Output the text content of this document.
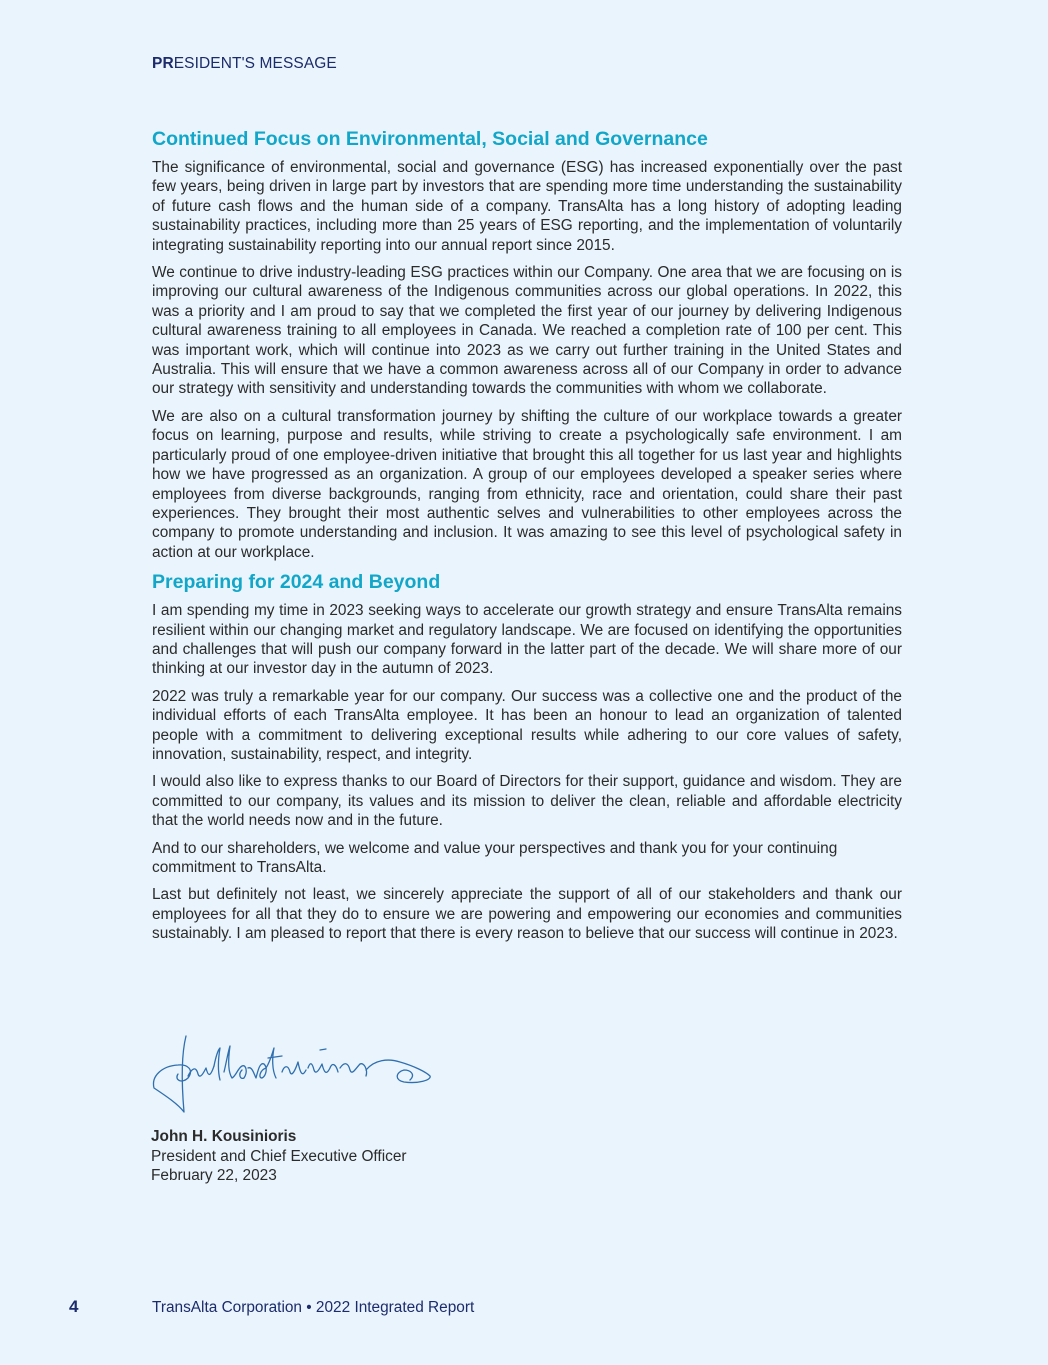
PRESIDENT'S MESSAGE
Continued Focus on Environmental, Social and Governance

The significance of environmental, social and governance (ESG) has increased exponentially over the past few years, being driven in large part by investors that are spending more time understanding the sustainability of future cash flows and the human side of a company. TransAlta has a long history of adopting leading sustainability practices, including more than 25 years of ESG reporting, and the implementation of voluntarily integrating sustainability reporting into our annual report since 2015.

We continue to drive industry-leading ESG practices within our Company. One area that we are focusing on is improving our cultural awareness of the Indigenous communities across our global operations. In 2022, this was a priority and I am proud to say that we completed the first year of our journey by delivering Indigenous cultural awareness training to all employees in Canada. We reached a completion rate of 100 per cent. This was important work, which will continue into 2023 as we carry out further training in the United States and Australia. This will ensure that we have a common awareness across all of our Company in order to advance our strategy with sensitivity and understanding towards the communities with whom we collaborate.

We are also on a cultural transformation journey by shifting the culture of our workplace towards a greater focus on learning, purpose and results, while striving to create a psychologically safe environment. I am particularly proud of one employee-driven initiative that brought this all together for us last year and highlights how we have progressed as an organization. A group of our employees developed a speaker series where employees from diverse backgrounds, ranging from ethnicity, race and orientation, could share their past experiences. They brought their most authentic selves and vulnerabilities to other employees across the company to promote understanding and inclusion. It was amazing to see this level of psychological safety in action at our workplace.

Preparing for 2024 and Beyond

I am spending my time in 2023 seeking ways to accelerate our growth strategy and ensure TransAlta remains resilient within our changing market and regulatory landscape. We are focused on identifying the opportunities and challenges that will push our company forward in the latter part of the decade. We will share more of our thinking at our investor day in the autumn of 2023.

2022 was truly a remarkable year for our company. Our success was a collective one and the product of the individual efforts of each TransAlta employee. It has been an honour to lead an organization of talented people with a commitment to delivering exceptional results while adhering to our core values of safety, innovation, sustainability, respect, and integrity.

I would also like to express thanks to our Board of Directors for their support, guidance and wisdom. They are committed to our company, its values and its mission to deliver the clean, reliable and affordable electricity that the world needs now and in the future.

And to our shareholders, we welcome and value your perspectives and thank you for your continuing commitment to TransAlta.

Last but definitely not least, we sincerely appreciate the support of all of our stakeholders and thank our employees for all that they do to ensure we are powering and empowering our economies and communities sustainably. I am pleased to report that there is every reason to believe that our success will continue in 2023.

John H. Kousinioris
President and Chief Executive Officer
February 22, 2023
4	TransAlta Corporation • 2022 Integrated Report
